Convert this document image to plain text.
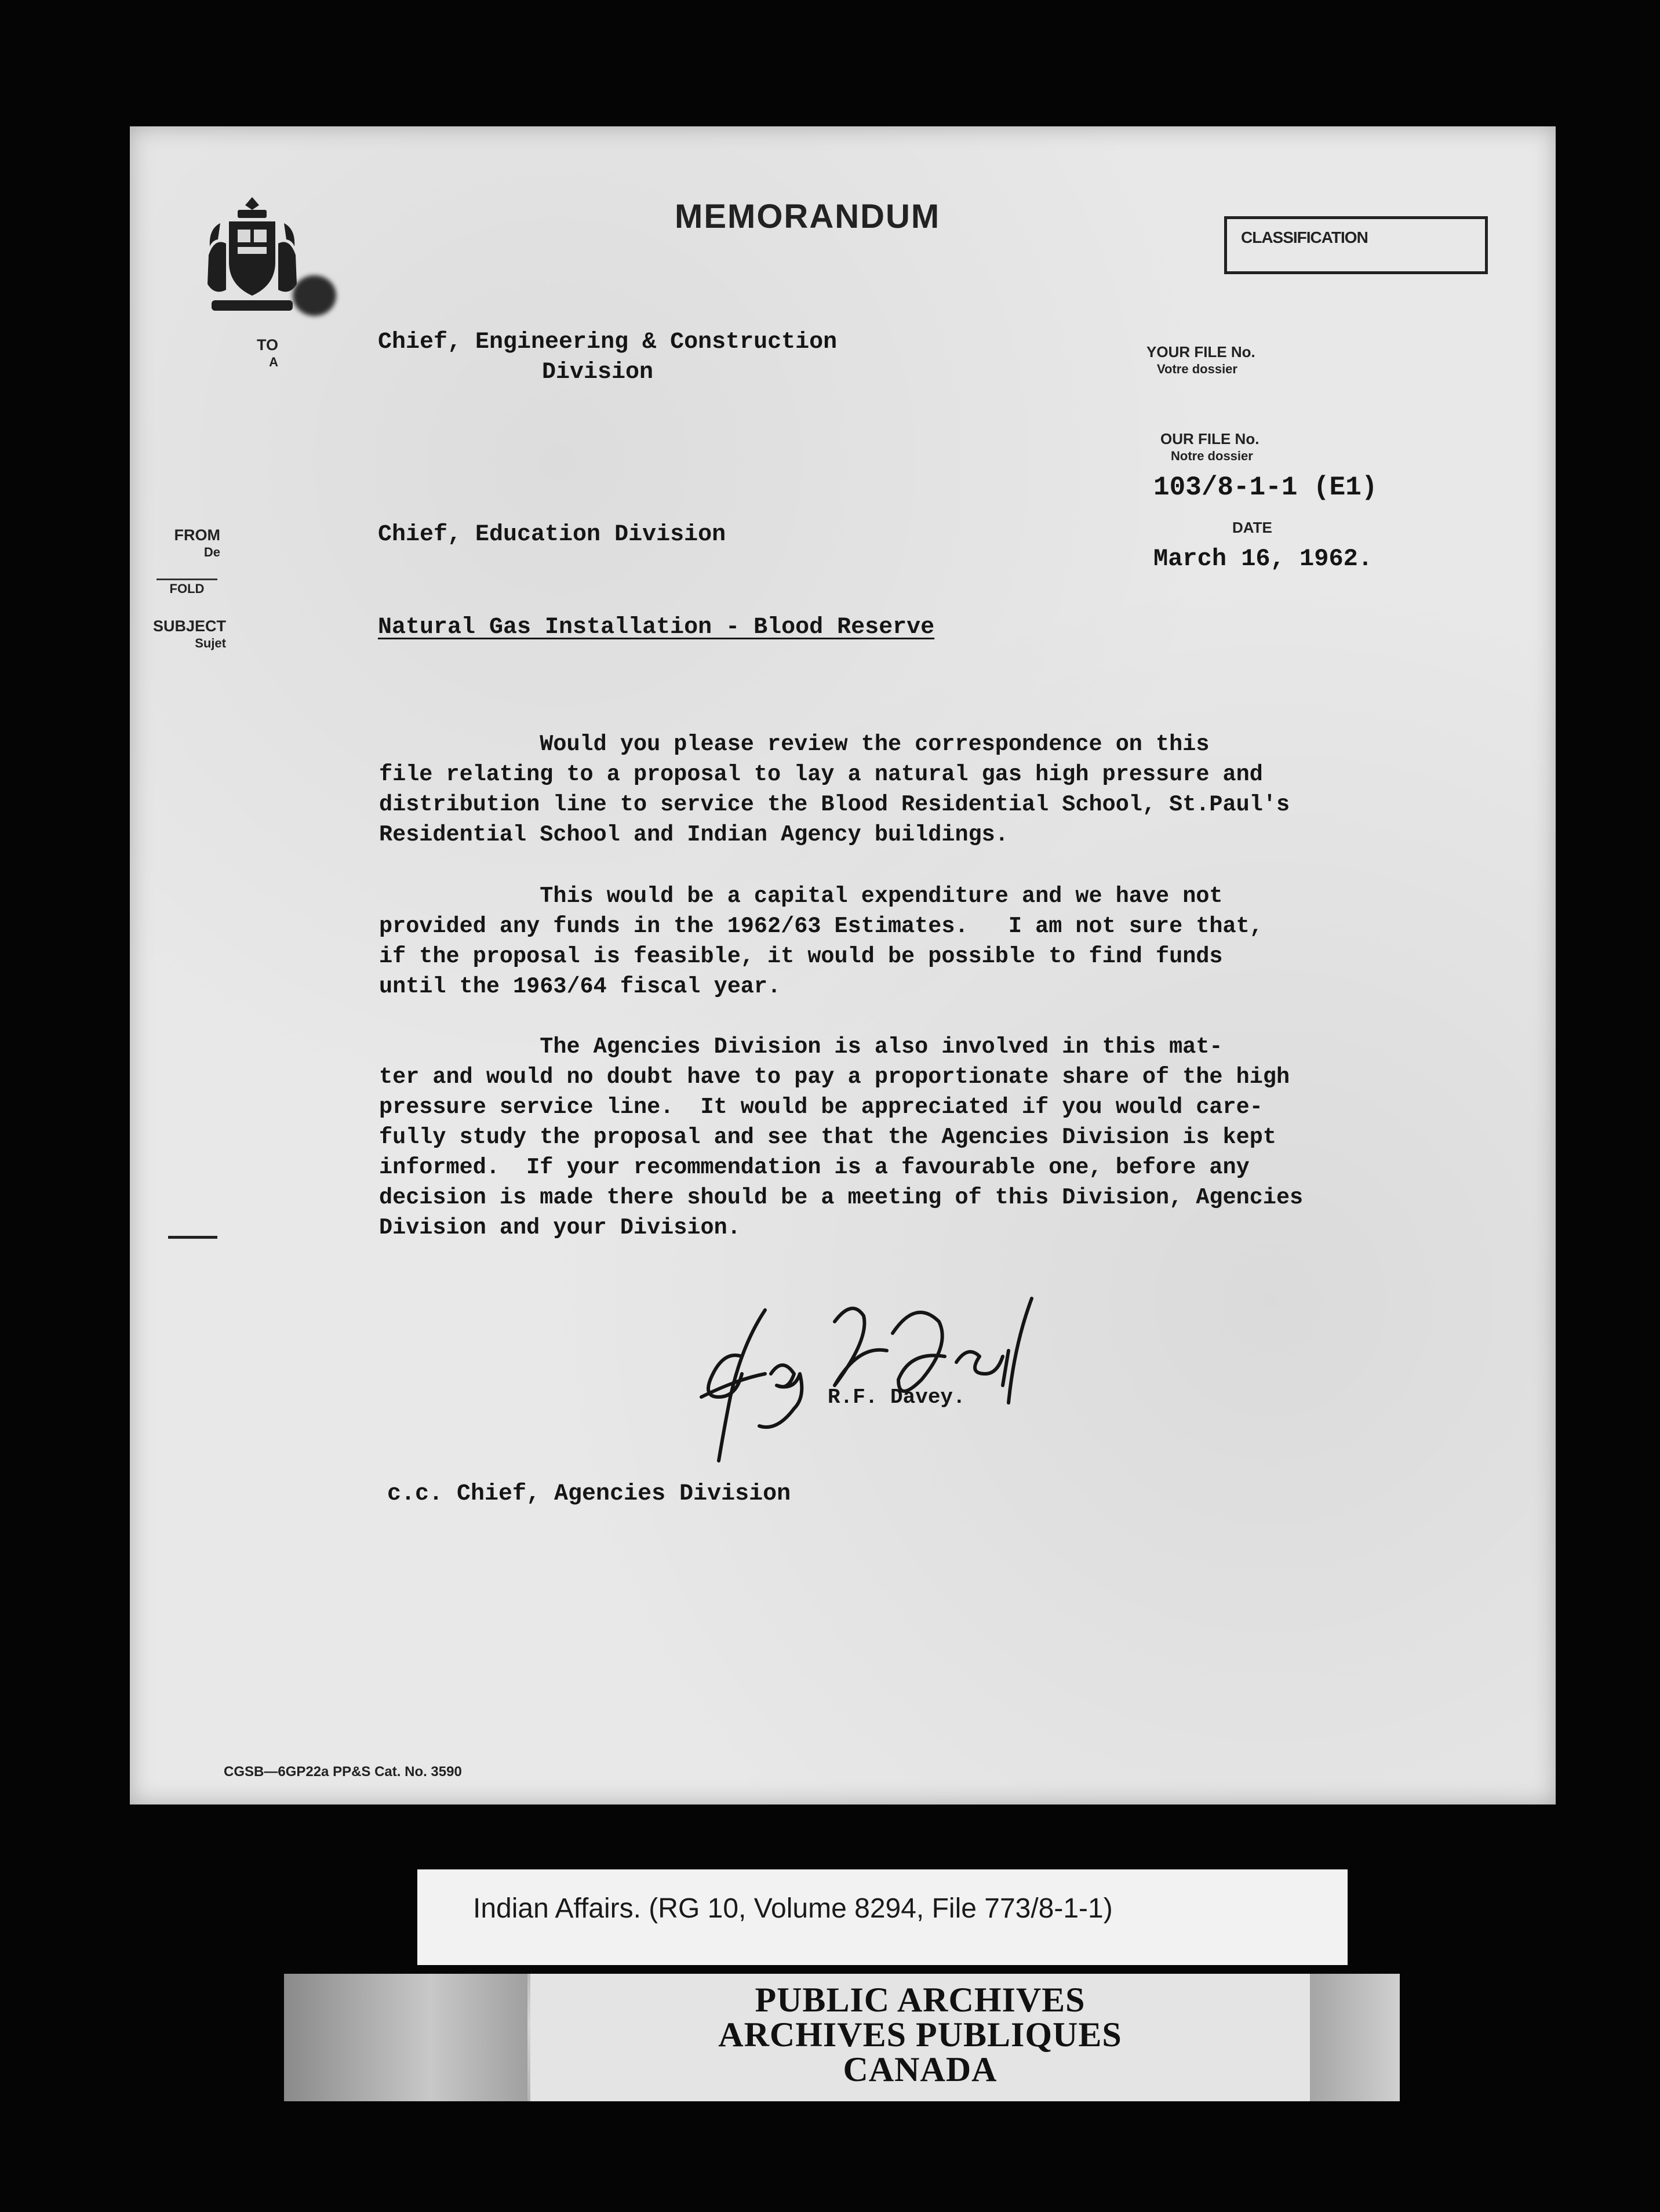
MEMORANDUM
CLASSIFICATION
TO
A
Chief, Engineering & Construction
Division
FROM
De
Chief, Education Division
FOLD
SUBJECT
Sujet
Natural Gas Installation - Blood Reserve
YOUR FILE No.
Votre dossier
OUR FILE No.
Notre dossier
103/8-1-1 (E1)
DATE
March 16, 1962.
Would you please review the correspondence on this
file relating to a proposal to lay a natural gas high pressure and
distribution line to service the Blood Residential School, St.Paul's
Residential School and Indian Agency buildings.
This would be a capital expenditure and we have not
provided any funds in the 1962/63 Estimates.   I am not sure that,
if the proposal is feasible, it would be possible to find funds
until the 1963/64 fiscal year.
The Agencies Division is also involved in this mat-
ter and would no doubt have to pay a proportionate share of the high
pressure service line.  It would be appreciated if you would care-
fully study the proposal and see that the Agencies Division is kept
informed.  If your recommendation is a favourable one, before any
decision is made there should be a meeting of this Division, Agencies
Division and your Division.
R.F. Davey.
c.c. Chief, Agencies Division
CGSB—6GP22a PP&S Cat. No. 3590
Indian Affairs. (RG 10, Volume 8294, File 773/8-1-1)
PUBLIC ARCHIVES
ARCHIVES PUBLIQUES
CANADA
